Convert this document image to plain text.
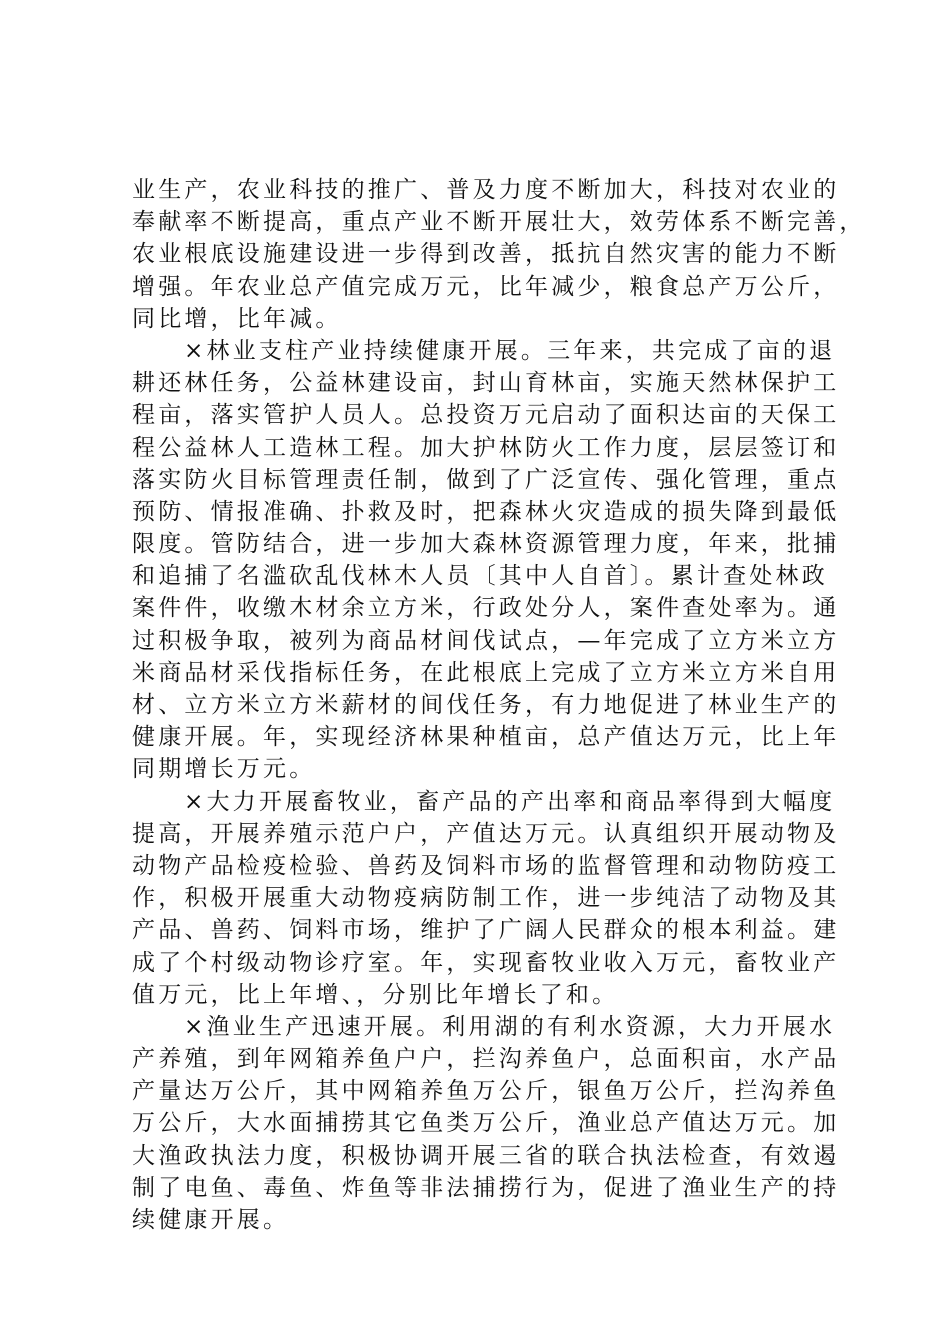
业生产，农业科技的推广、普及力度不断加大，科技对农业的
奉献率不断提高，重点产业不断开展壮大，效劳体系不断完善，
农业根底设施建设进一步得到改善，抵抗自然灾害的能力不断
增强。年农业总产值完成万元，比年减少，粮食总产万公斤，
同比增，比年减。
×林业支柱产业持续健康开展。三年来，共完成了亩的退
耕还林任务，公益林建设亩，封山育林亩，实施天然林保护工
程亩，落实管护人员人。总投资万元启动了面积达亩的天保工
程公益林人工造林工程。加大护林防火工作力度，层层签订和
落实防火目标管理责任制，做到了广泛宣传、强化管理，重点
预防、情报准确、扑救及时，把森林火灾造成的损失降到最低
限度。管防结合，进一步加大森林资源管理力度，年来，批捕
和追捕了名滥砍乱伐林木人员〔其中人自首〕。累计查处林政
案件件，收缴木材余立方米，行政处分人，案件查处率为。通
过积极争取，被列为商品材间伐试点，—年完成了立方米立方
米商品材采伐指标任务，在此根底上完成了立方米立方米自用
材、立方米立方米薪材的间伐任务，有力地促进了林业生产的
健康开展。年，实现经济林果种植亩，总产值达万元，比上年
同期增长万元。
×大力开展畜牧业，畜产品的产出率和商品率得到大幅度
提高，开展养殖示范户户，产值达万元。认真组织开展动物及
动物产品检疫检验、兽药及饲料市场的监督管理和动物防疫工
作，积极开展重大动物疫病防制工作，进一步纯洁了动物及其
产品、兽药、饲料市场，维护了广阔人民群众的根本利益。建
成了个村级动物诊疗室。年，实现畜牧业收入万元，畜牧业产
值万元，比上年增、，分别比年增长了和。
×渔业生产迅速开展。利用湖的有利水资源，大力开展水
产养殖，到年网箱养鱼户户，拦沟养鱼户，总面积亩，水产品
产量达万公斤，其中网箱养鱼万公斤，银鱼万公斤，拦沟养鱼
万公斤，大水面捕捞其它鱼类万公斤，渔业总产值达万元。加
大渔政执法力度，积极协调开展三省的联合执法检查，有效遏
制了电鱼、毒鱼、炸鱼等非法捕捞行为，促进了渔业生产的持
续健康开展。
